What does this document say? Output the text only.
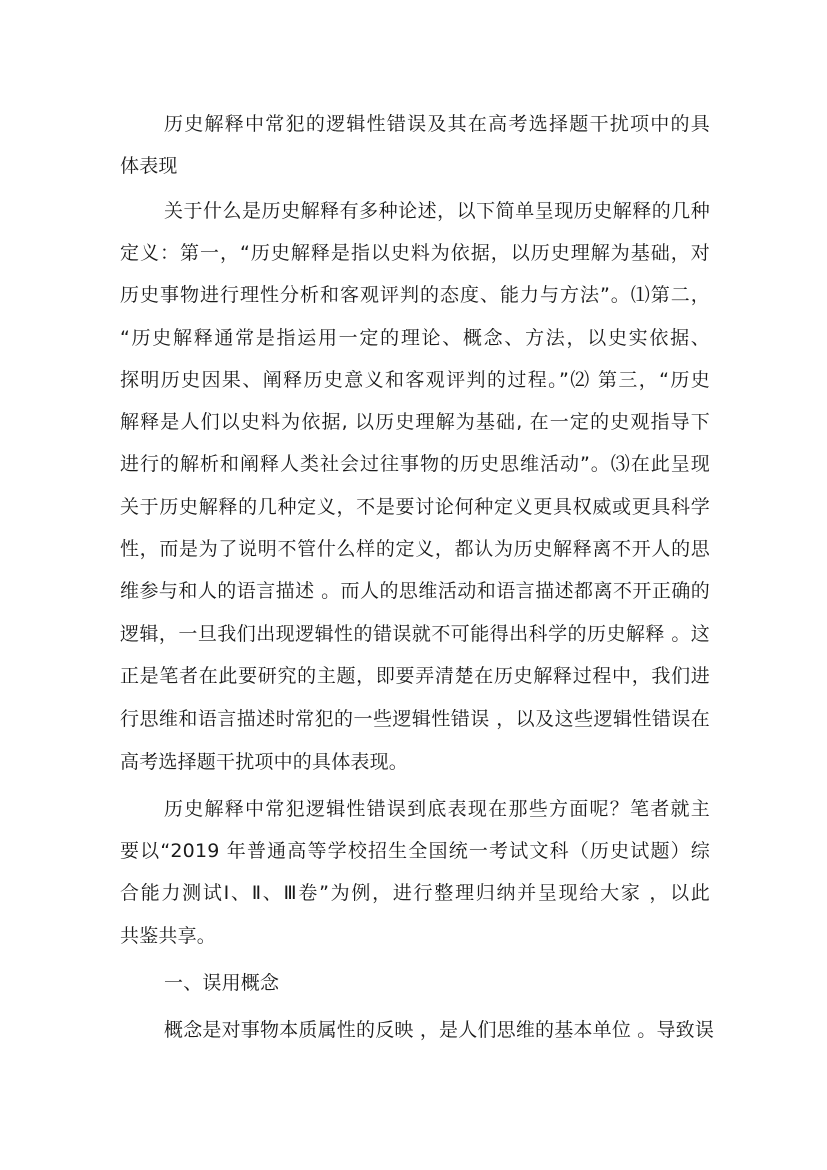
历史解释中常犯的逻辑性错误及其在高考选择题干扰项中的具

体表现

关于什么是历史解释有多种论述，以下简单呈现历史解释的几种

定义：第一，“历史解释是指以史料为依据，以历史理解为基础，对

历史事物进行理性分析和客观评判的态度、能力与方法”。⑴第二，

“历史解释通常是指运用一定的理论、概念、方法，以史实依据、

探明历史因果、阐释历史意义和客观评判的过程。”⑵ 第三，“历史

解释是人们以史料为依据, 以历史理解为基础, 在一定的史观指导下

进行的解析和阐释人类社会过往事物的历史思维活动”。⑶在此呈现

关于历史解释的几种定义，不是要讨论何种定义更具权威或更具科学

性，而是为了说明不管什么样的定义，都认为历史解释离不开人的思

维参与和人的语言描述 。而人的思维活动和语言描述都离不开正确的

逻辑，一旦我们出现逻辑性的错误就不可能得出科学的历史解释 。这

正是笔者在此要研究的主题，即要弄清楚在历史解释过程中，我们进

行思维和语言描述时常犯的一些逻辑性错误 ，以及这些逻辑性错误在

高考选择题干扰项中的具体表现。

历史解释中常犯逻辑性错误到底表现在那些方面呢？笔者就主

要以“2019 年普通高等学校招生全国统一考试文科（历史试题）综

合能力测试Ⅰ、Ⅱ、Ⅲ卷”为例，进行整理归纳并呈现给大家 ，以此

共鉴共享。

一、误用概念

概念是对事物本质属性的反映 ，是人们思维的基本单位 。导致误
